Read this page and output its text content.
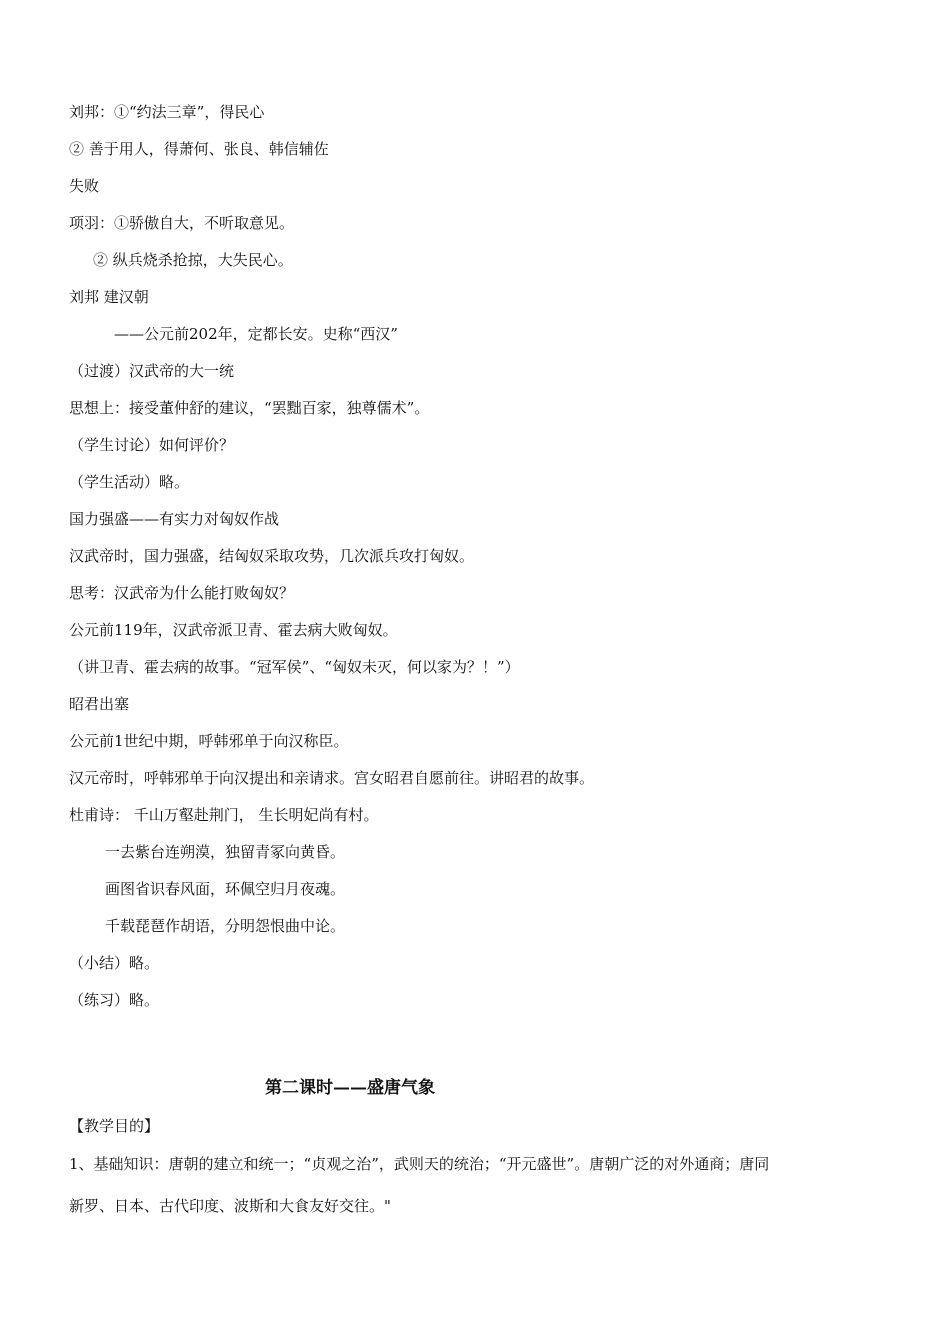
刘邦：①“约法三章”，得民心
② 善于用人，得萧何、张良、韩信辅佐
失败
项羽：①骄傲自大，不听取意见。
② 纵兵烧杀抢掠，大失民心。
刘邦 建汉朝
——公元前202年，定都长安。史称“西汉”
（过渡）汉武帝的大一统
思想上：接受董仲舒的建议，“罢黜百家，独尊儒术”。
（学生讨论）如何评价？
（学生活动）略。
国力强盛——有实力对匈奴作战
汉武帝时，国力强盛，结匈奴采取攻势，几次派兵攻打匈奴。
思考：汉武帝为什么能打败匈奴？
公元前119年，汉武帝派卫青、霍去病大败匈奴。
（讲卫青、霍去病的故事。“冠军侯”、“匈奴未灭，何以家为？！”）
昭君出塞
公元前1世纪中期，呼韩邪单于向汉称臣。
汉元帝时，呼韩邪单于向汉提出和亲请求。宫女昭君自愿前往。讲昭君的故事。
杜甫诗： 千山万壑赴荆门， 生长明妃尚有村。
一去紫台连朔漠，独留青冢向黄昏。
画图省识春风面，环佩空归月夜魂。
千载琵琶作胡语，分明怨恨曲中论。
（小结）略。
（练习）略。
第二课时——盛唐气象
【教学目的】
1、基础知识：唐朝的建立和统一；“贞观之治”，武则天的统治；“开元盛世”。唐朝广泛的对外通商；唐同
新罗、日本、古代印度、波斯和大食友好交往。"
